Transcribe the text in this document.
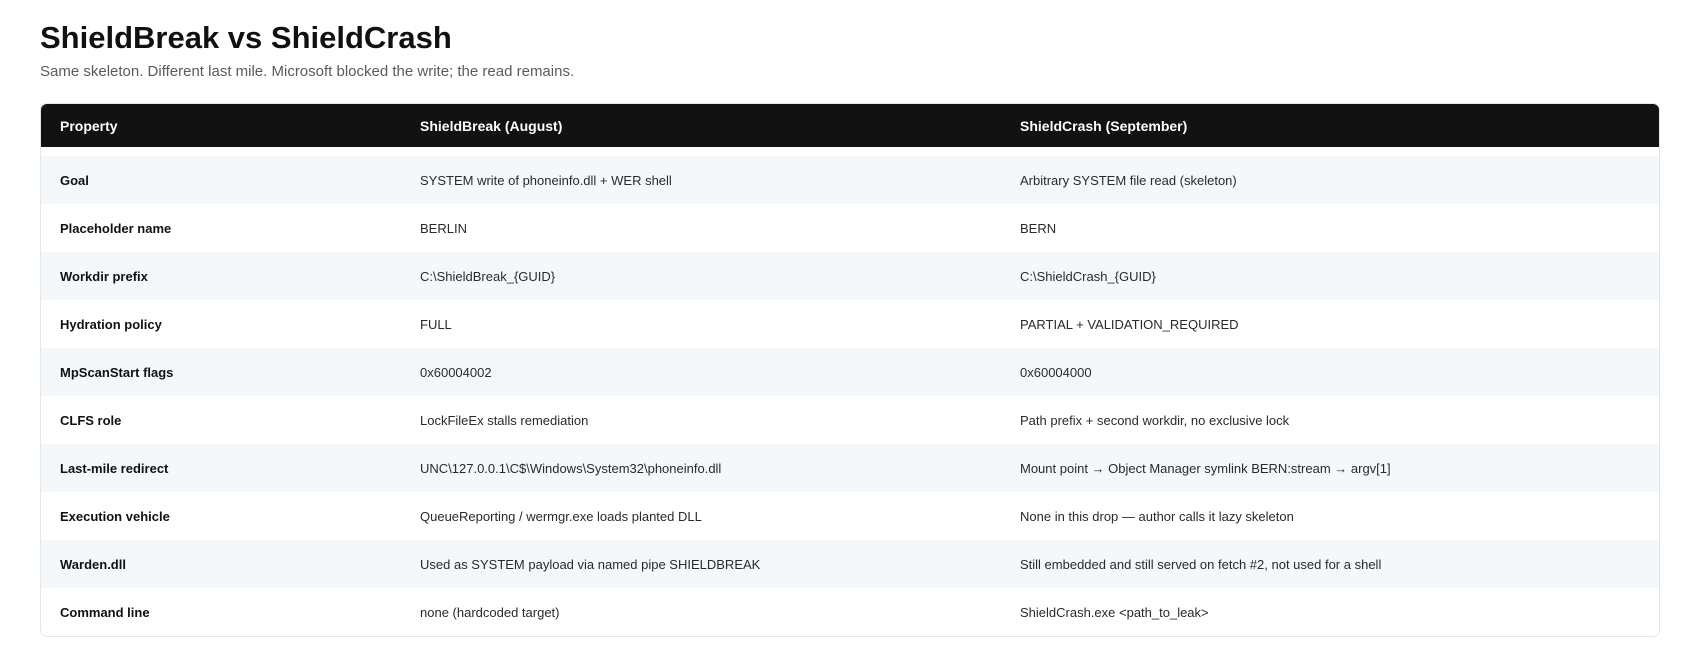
ShieldBreak vs ShieldCrash

Same skeleton. Different last mile. Microsoft blocked the write; the read remains.

Property	ShieldBreak (August)	ShieldCrash (September)

Goal	SYSTEM write of phoneinfo.dll + WER shell	Arbitrary SYSTEM file read (skeleton)
Placeholder name	BERLIN	BERN
Workdir prefix	C:\ShieldBreak_{GUID}	C:\ShieldCrash_{GUID}
Hydration policy	FULL	PARTIAL + VALIDATION_REQUIRED
MpScanStart flags	0x60004002	0x60004000
CLFS role	LockFileEx stalls remediation	Path prefix + second workdir, no exclusive lock
Last-mile redirect	UNC\127.0.0.1\C$\Windows\System32\phoneinfo.dll	Mount point → Object Manager symlink BERN:stream → argv[1]
Execution vehicle	QueueReporting / wermgr.exe loads planted DLL	None in this drop — author calls it lazy skeleton
Warden.dll	Used as SYSTEM payload via named pipe SHIELDBREAK	Still embedded and still served on fetch #2, not used for a shell
Command line	none (hardcoded target)	ShieldCrash.exe <path_to_leak>
